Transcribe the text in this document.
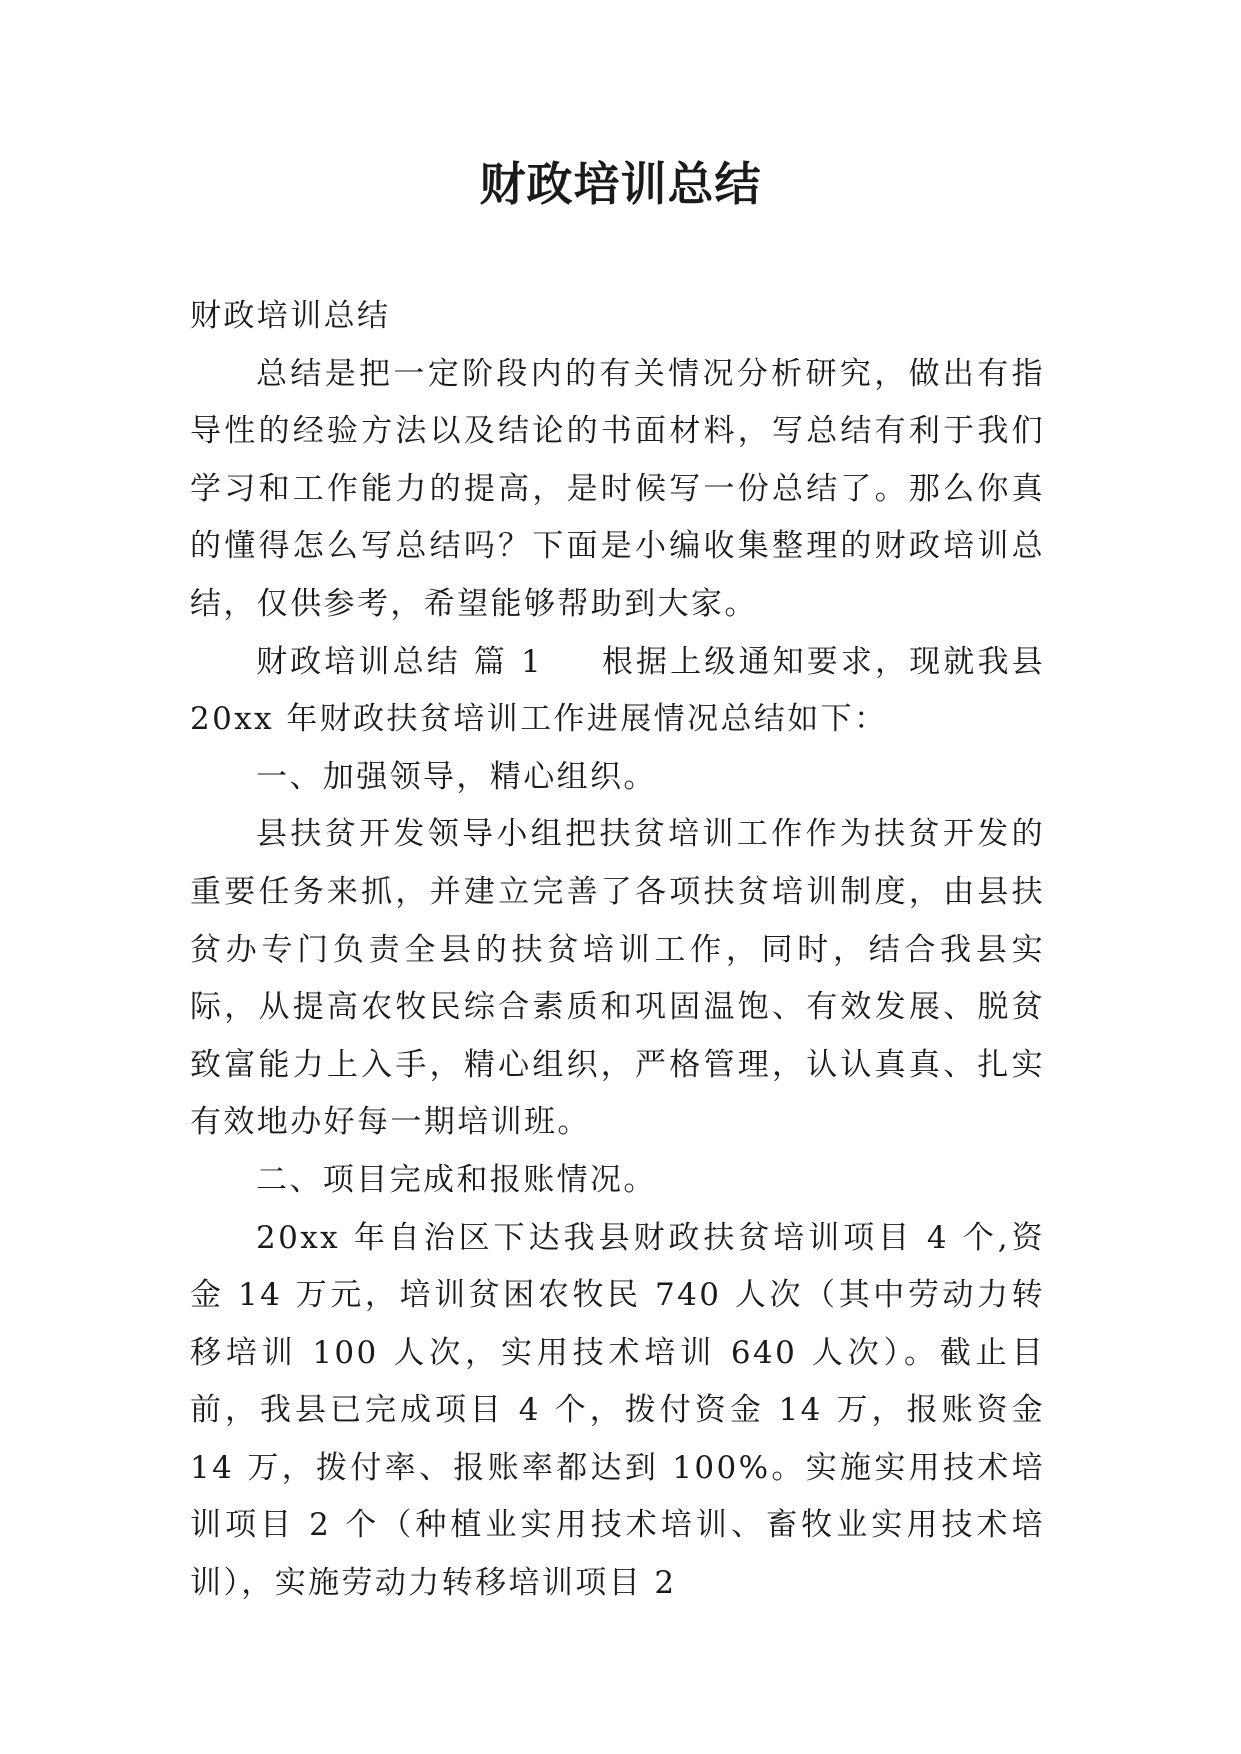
财政培训总结

财政培训总结

总结是把一定阶段内的有关情况分析研究，做出有指导性的经验方法以及结论的书面材料，写总结有利于我们学习和工作能力的提高，是时候写一份总结了。那么你真的懂得怎么写总结吗？下面是小编收集整理的财政培训总结，仅供参考，希望能够帮助到大家。

财政培训总结 篇 1 根据上级通知要求，现就我县 20xx 年财政扶贫培训工作进展情况总结如下：

一、加强领导，精心组织。

县扶贫开发领导小组把扶贫培训工作作为扶贫开发的重要任务来抓，并建立完善了各项扶贫培训制度，由县扶贫办专门负责全县的扶贫培训工作，同时，结合我县实际，从提高农牧民综合素质和巩固温饱、有效发展、脱贫致富能力上入手，精心组织，严格管理，认认真真、扎实有效地办好每一期培训班。

二、项目完成和报账情况。

20xx 年自治区下达我县财政扶贫培训项目 4 个,资金 14 万元，培训贫困农牧民 740 人次（其中劳动力转移培训 100 人次，实用技术培训 640 人次）。截止目前，我县已完成项目 4 个，拨付资金 14 万，报账资金 14 万，拨付率、报账率都达到 100%。实施实用技术培训项目 2 个（种植业实用技术培训、畜牧业实用技术培训），实施劳动力转移培训项目 2
